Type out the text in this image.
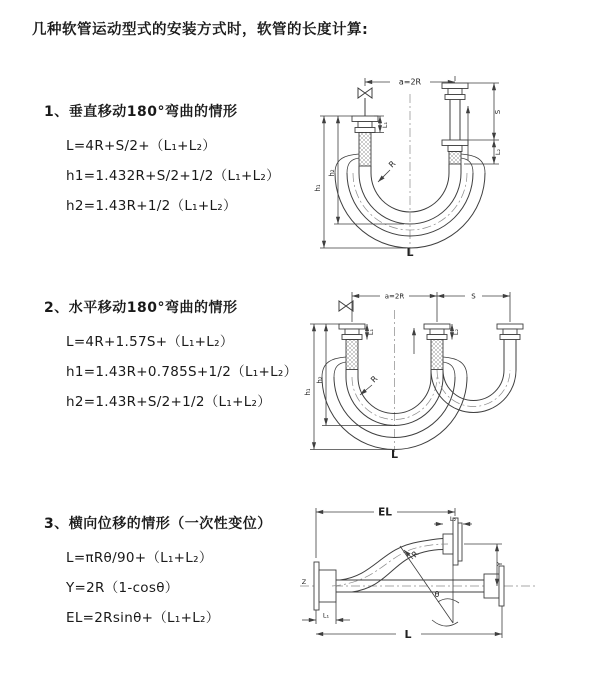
几种软管运动型式的安装方式时，软管的长度计算:
1、垂直移动180°弯曲的情形
L=4R+S/2+（L₁+L₂）
h1=1.432R+S/2+1/2（L₁+L₂）
h2=1.43R+1/2（L₁+L₂）
2、水平移动180°弯曲的情形
L=4R+1.57S+（L₁+L₂）
h1=1.43R+0.785S+1/2（L₁+L₂）
h2=1.43R+S/2+1/2（L₁+L₂）
3、横向位移的情形（一次性变位）
L=πRθ/90+（L₁+L₂）
Y=2R（1-cosθ）
EL=2Rsinθ+（L₁+L₂）
a=2R
L₁
h₁
h₂
S
L₂
R
L
a=2R	S
L₁	L₂
h₁
h₂	R
L
Z
EL
L₂
Y
θ
R
L₁
L
